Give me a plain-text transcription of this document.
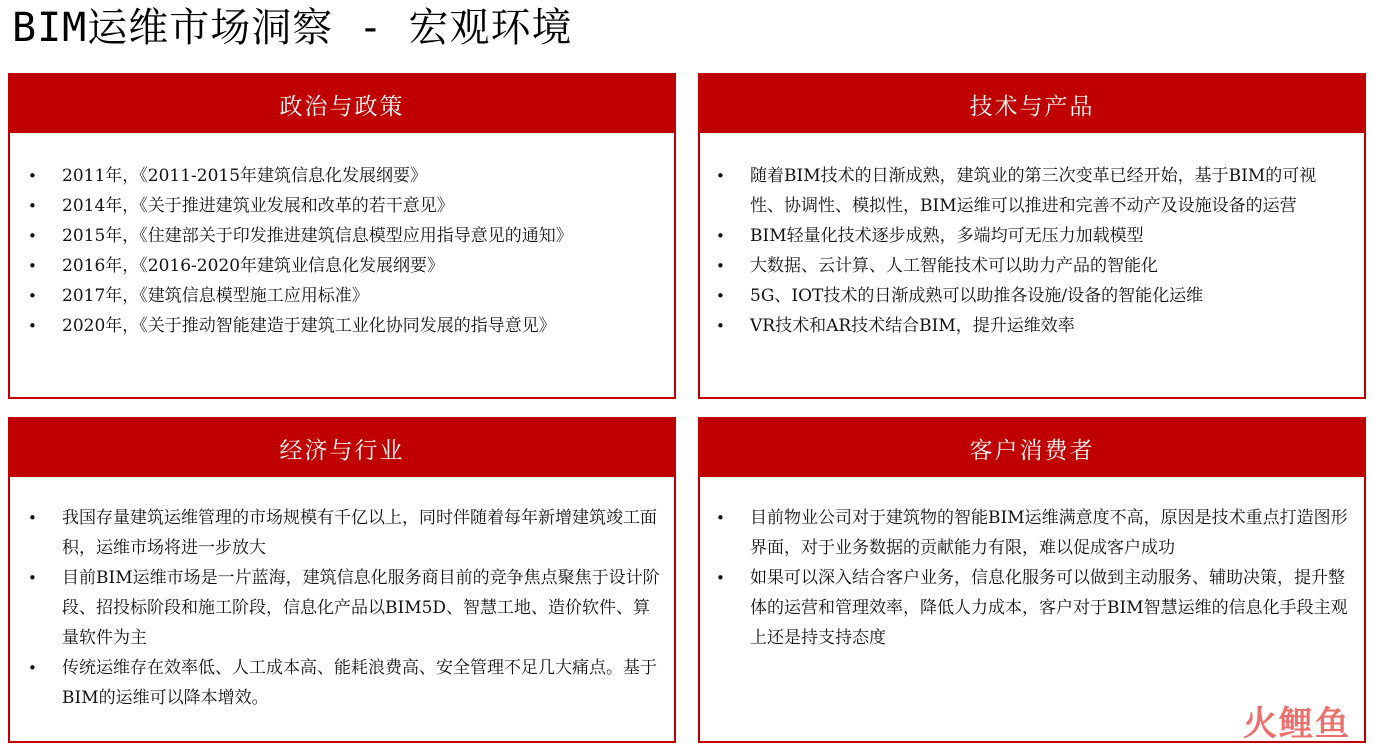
BIM运维市场洞察 - 宏观环境
政治与政策
• 2011年，《2011-2015年建筑信息化发展纲要》
• 2014年，《关于推进建筑业发展和改革的若干意见》
• 2015年，《住建部关于印发推进建筑信息模型应用指导意见的通知》
• 2016年，《2016-2020年建筑业信息化发展纲要》
• 2017年，《建筑信息模型施工应用标准》
• 2020年，《关于推动智能建造于建筑工业化协同发展的指导意见》
技术与产品
• 随着BIM技术的日渐成熟，建筑业的第三次变革已经开始，基于BIM的可视性、协调性、模拟性，BIM运维可以推进和完善不动产及设施设备的运营
• BIM轻量化技术逐步成熟，多端均可无压力加载模型
• 大数据、云计算、人工智能技术可以助力产品的智能化
• 5G、IOT技术的日渐成熟可以助推各设施/设备的智能化运维
• VR技术和AR技术结合BIM，提升运维效率
经济与行业
• 我国存量建筑运维管理的市场规模有千亿以上，同时伴随着每年新增建筑竣工面积，运维市场将进一步放大
• 目前BIM运维市场是一片蓝海，建筑信息化服务商目前的竞争焦点聚焦于设计阶段、招投标阶段和施工阶段，信息化产品以BIM5D、智慧工地、造价软件、算量软件为主
• 传统运维存在效率低、人工成本高、能耗浪费高、安全管理不足几大痛点。基于BIM的运维可以降本增效。
客户消费者
• 目前物业公司对于建筑物的智能BIM运维满意度不高，原因是技术重点打造图形界面，对于业务数据的贡献能力有限，难以促成客户成功
• 如果可以深入结合客户业务，信息化服务可以做到主动服务、辅助决策，提升整体的运营和管理效率，降低人力成本，客户对于BIM智慧运维的信息化手段主观上还是持支持态度
火鲤鱼
